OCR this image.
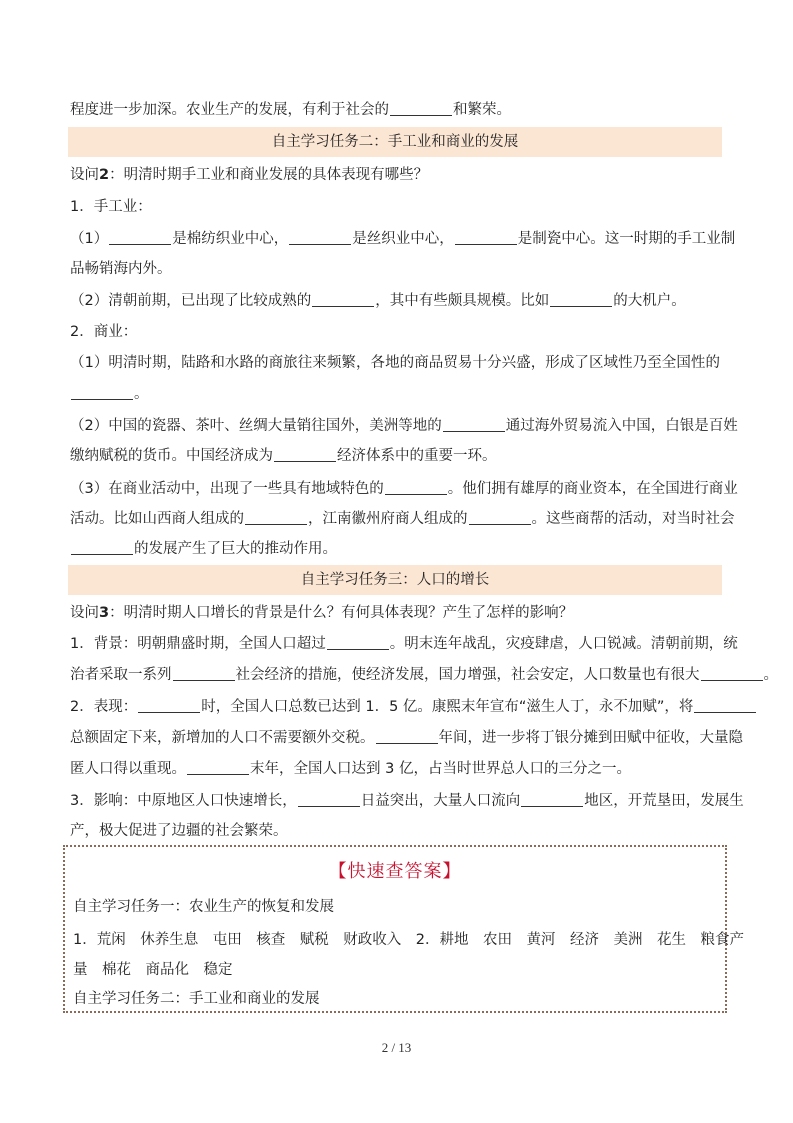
程度进一步加深。农业生产的发展，有利于社会的	和繁荣。
自主学习任务二：手工业和商业的发展
设问2：明清时期手工业和商业发展的具体表现有哪些？
1．手工业：
（1）	是棉纺织业中心，	是丝织业中心，	是制瓷中心。这一时期的手工业制
品畅销海内外。
（2）清朝前期，已出现了比较成熟的	，其中有些颇具规模。比如	的大机户。
2．商业：
（1）明清时期，陆路和水路的商旅往来频繁，各地的商品贸易十分兴盛，形成了区域性乃至全国性的
。
（2）中国的瓷器、茶叶、丝绸大量销往国外，美洲等地的	通过海外贸易流入中国，白银是百姓
缴纳赋税的货币。中国经济成为	经济体系中的重要一环。
（3）在商业活动中，出现了一些具有地域特色的	。他们拥有雄厚的商业资本，在全国进行商业
活动。比如山西商人组成的	，江南徽州府商人组成的	。这些商帮的活动，对当时社会
的发展产生了巨大的推动作用。
自主学习任务三：人口的增长
设问3：明清时期人口增长的背景是什么？有何具体表现？产生了怎样的影响？
1．背景：明朝鼎盛时期，全国人口超过	。明末连年战乱，灾疫肆虐，人口锐减。清朝前期，统
治者采取一系列	社会经济的措施，使经济发展，国力增强，社会安定，人口数量也有很大	。
2．表现：	时，全国人口总数已达到 1．5 亿。康熙末年宣布“滋生人丁，永不加赋”，将
总额固定下来，新增加的人口不需要额外交税。	年间，进一步将丁银分摊到田赋中征收，大量隐
匿人口得以重现。	末年，全国人口达到 3 亿，占当时世界总人口的三分之一。
3．影响：中原地区人口快速增长，	日益突出，大量人口流向	地区，开荒垦田，发展生
产，极大促进了边疆的社会繁荣。
【快速查答案】
自主学习任务一：农业生产的恢复和发展
1．荒闲　休养生息　屯田　核查　赋税　财政收入　2．耕地　农田　黄河　经济　美洲　花生　粮食产
量　棉花　商品化　稳定
自主学习任务二：手工业和商业的发展
2 / 13
